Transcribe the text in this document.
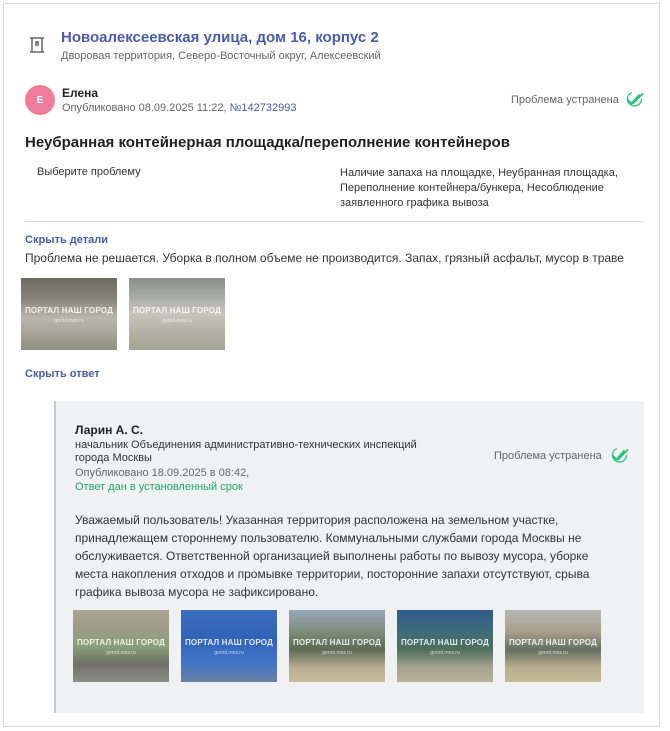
Новоалексеевская улица, дом 16, корпус 2
Дворовая территория, Северо-Восточный округ, Алексеевский
Е	Елена
Опубликовано 08.09.2025 11:22, №142732993
Проблема устранена
Неубранная контейнерная площадка/переполнение контейнеров
Выберите проблему	Наличие запаха на площадке, Неубранная площадка, Переполнение контейнера/бункера, Несоблюдение заявленного графика вывоза
Скрыть детали
Проблема не решается. Уборка в полном объеме не производится. Запах, грязный асфальт, мусор в траве
ПОРТАЛ НАШ ГОРОД
gorod.mos.ru
ПОРТАЛ НАШ ГОРОД
gorod.mos.ru
Скрыть ответ
Ларин А. С.
начальник Объединения административно-технических инспекций города Москвы
Опубликовано 18.09.2025 в 08:42,
Ответ дан в установленный срок
Проблема устранена
Уважаемый пользователь! Указанная территория расположена на земельном участке, принадлежащем стороннему пользователю. Коммунальными службами города Москвы не обслуживается. Ответственной организацией выполнены работы по вывозу мусора, уборке места накопления отходов и промывке территории, посторонние запахи отсутствуют, срыва графика вывоза мусора не зафиксировано.
ПОРТАЛ НАШ ГОРОД
gorod.mos.ru
ПОРТАЛ НАШ ГОРОД
gorod.mos.ru
ПОРТАЛ НАШ ГОРОД
gorod.mos.ru
ПОРТАЛ НАШ ГОРОД
gorod.mos.ru
ПОРТАЛ НАШ ГОРОД
gorod.mos.ru
